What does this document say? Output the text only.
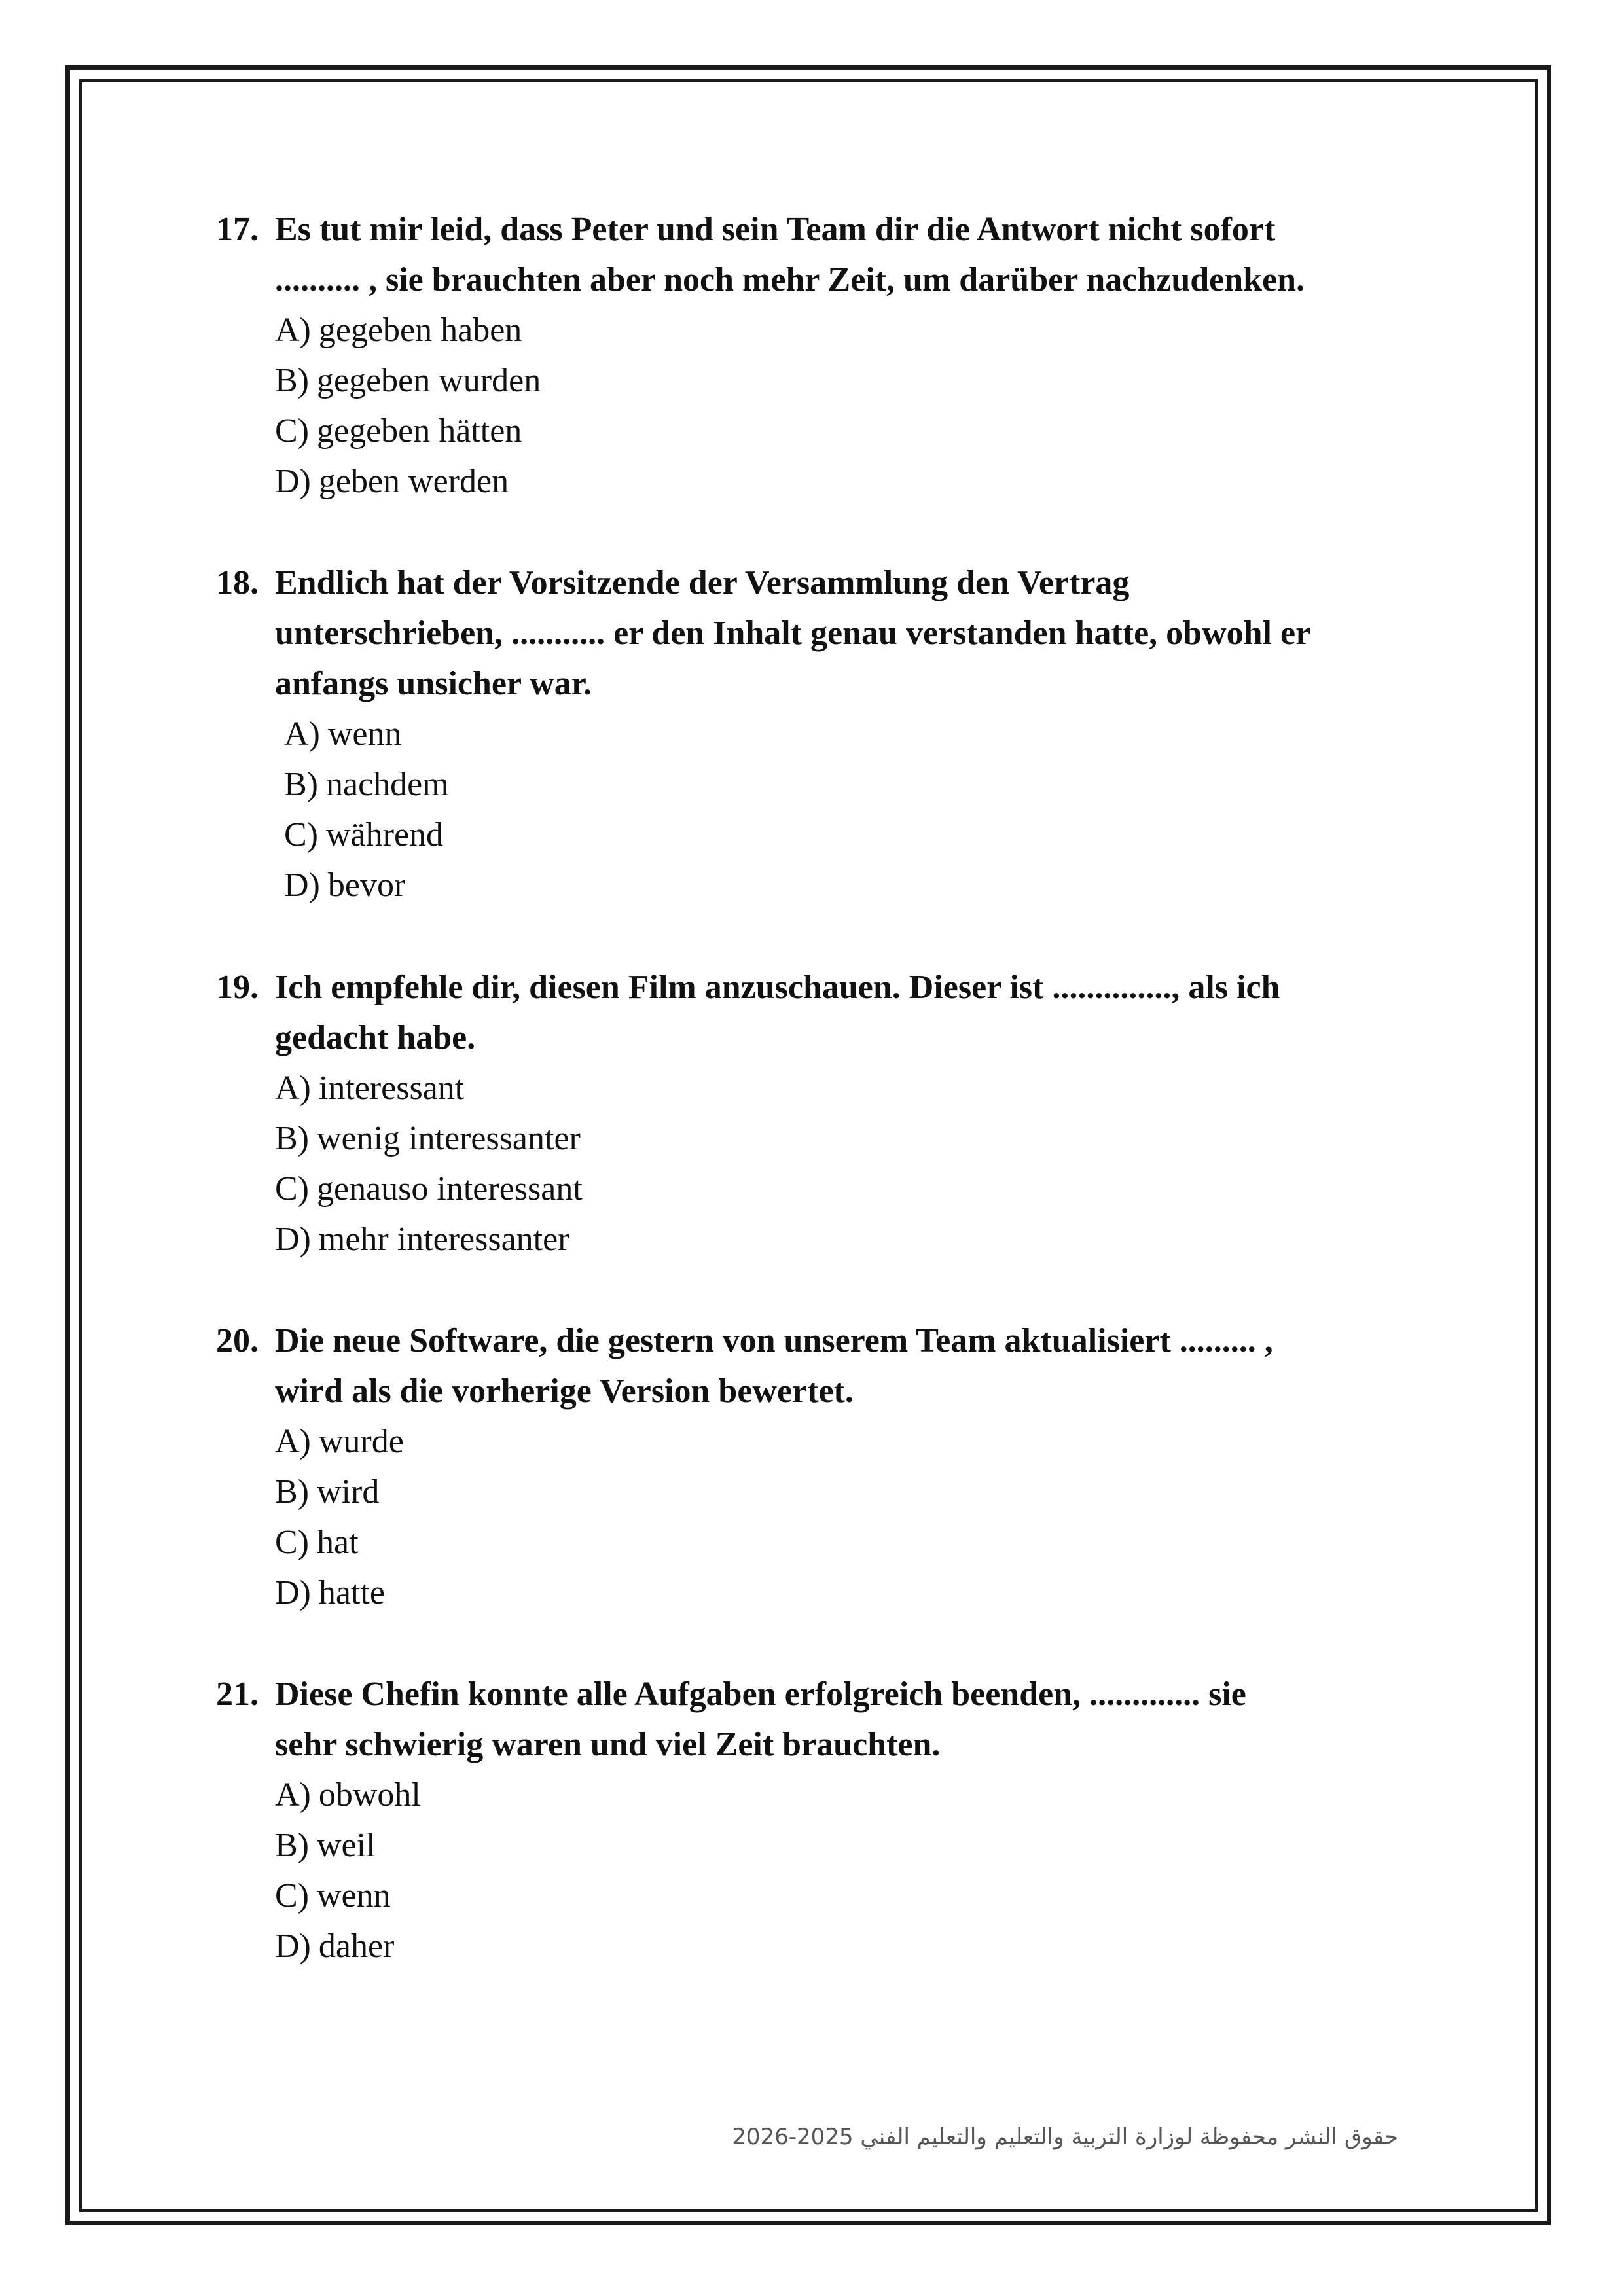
17. Es tut mir leid, dass Peter und sein Team dir die Antwort nicht sofort
.......... , sie brauchten aber noch mehr Zeit, um darüber nachzudenken.
A) gegeben haben
B) gegeben wurden
C) gegeben hätten
D) geben werden
18. Endlich hat der Vorsitzende der Versammlung den Vertrag
unterschrieben, ........... er den Inhalt genau verstanden hatte, obwohl er
anfangs unsicher war.
A) wenn
B) nachdem
C) während
D) bevor
19. Ich empfehle dir, diesen Film anzuschauen. Dieser ist .............., als ich
gedacht habe.
A) interessant
B) wenig interessanter
C) genauso interessant
D) mehr interessanter
20. Die neue Software, die gestern von unserem Team aktualisiert ......... ,
wird als die vorherige Version bewertet.
A) wurde
B) wird
C) hat
D) hatte
21. Diese Chefin konnte alle Aufgaben erfolgreich beenden, ............. sie
sehr schwierig waren und viel Zeit brauchten.
A) obwohl
B) weil
C) wenn
D) daher
حقوق النشر محفوظة لوزارة التربية والتعليم والتعليم الفني 2025-2026
